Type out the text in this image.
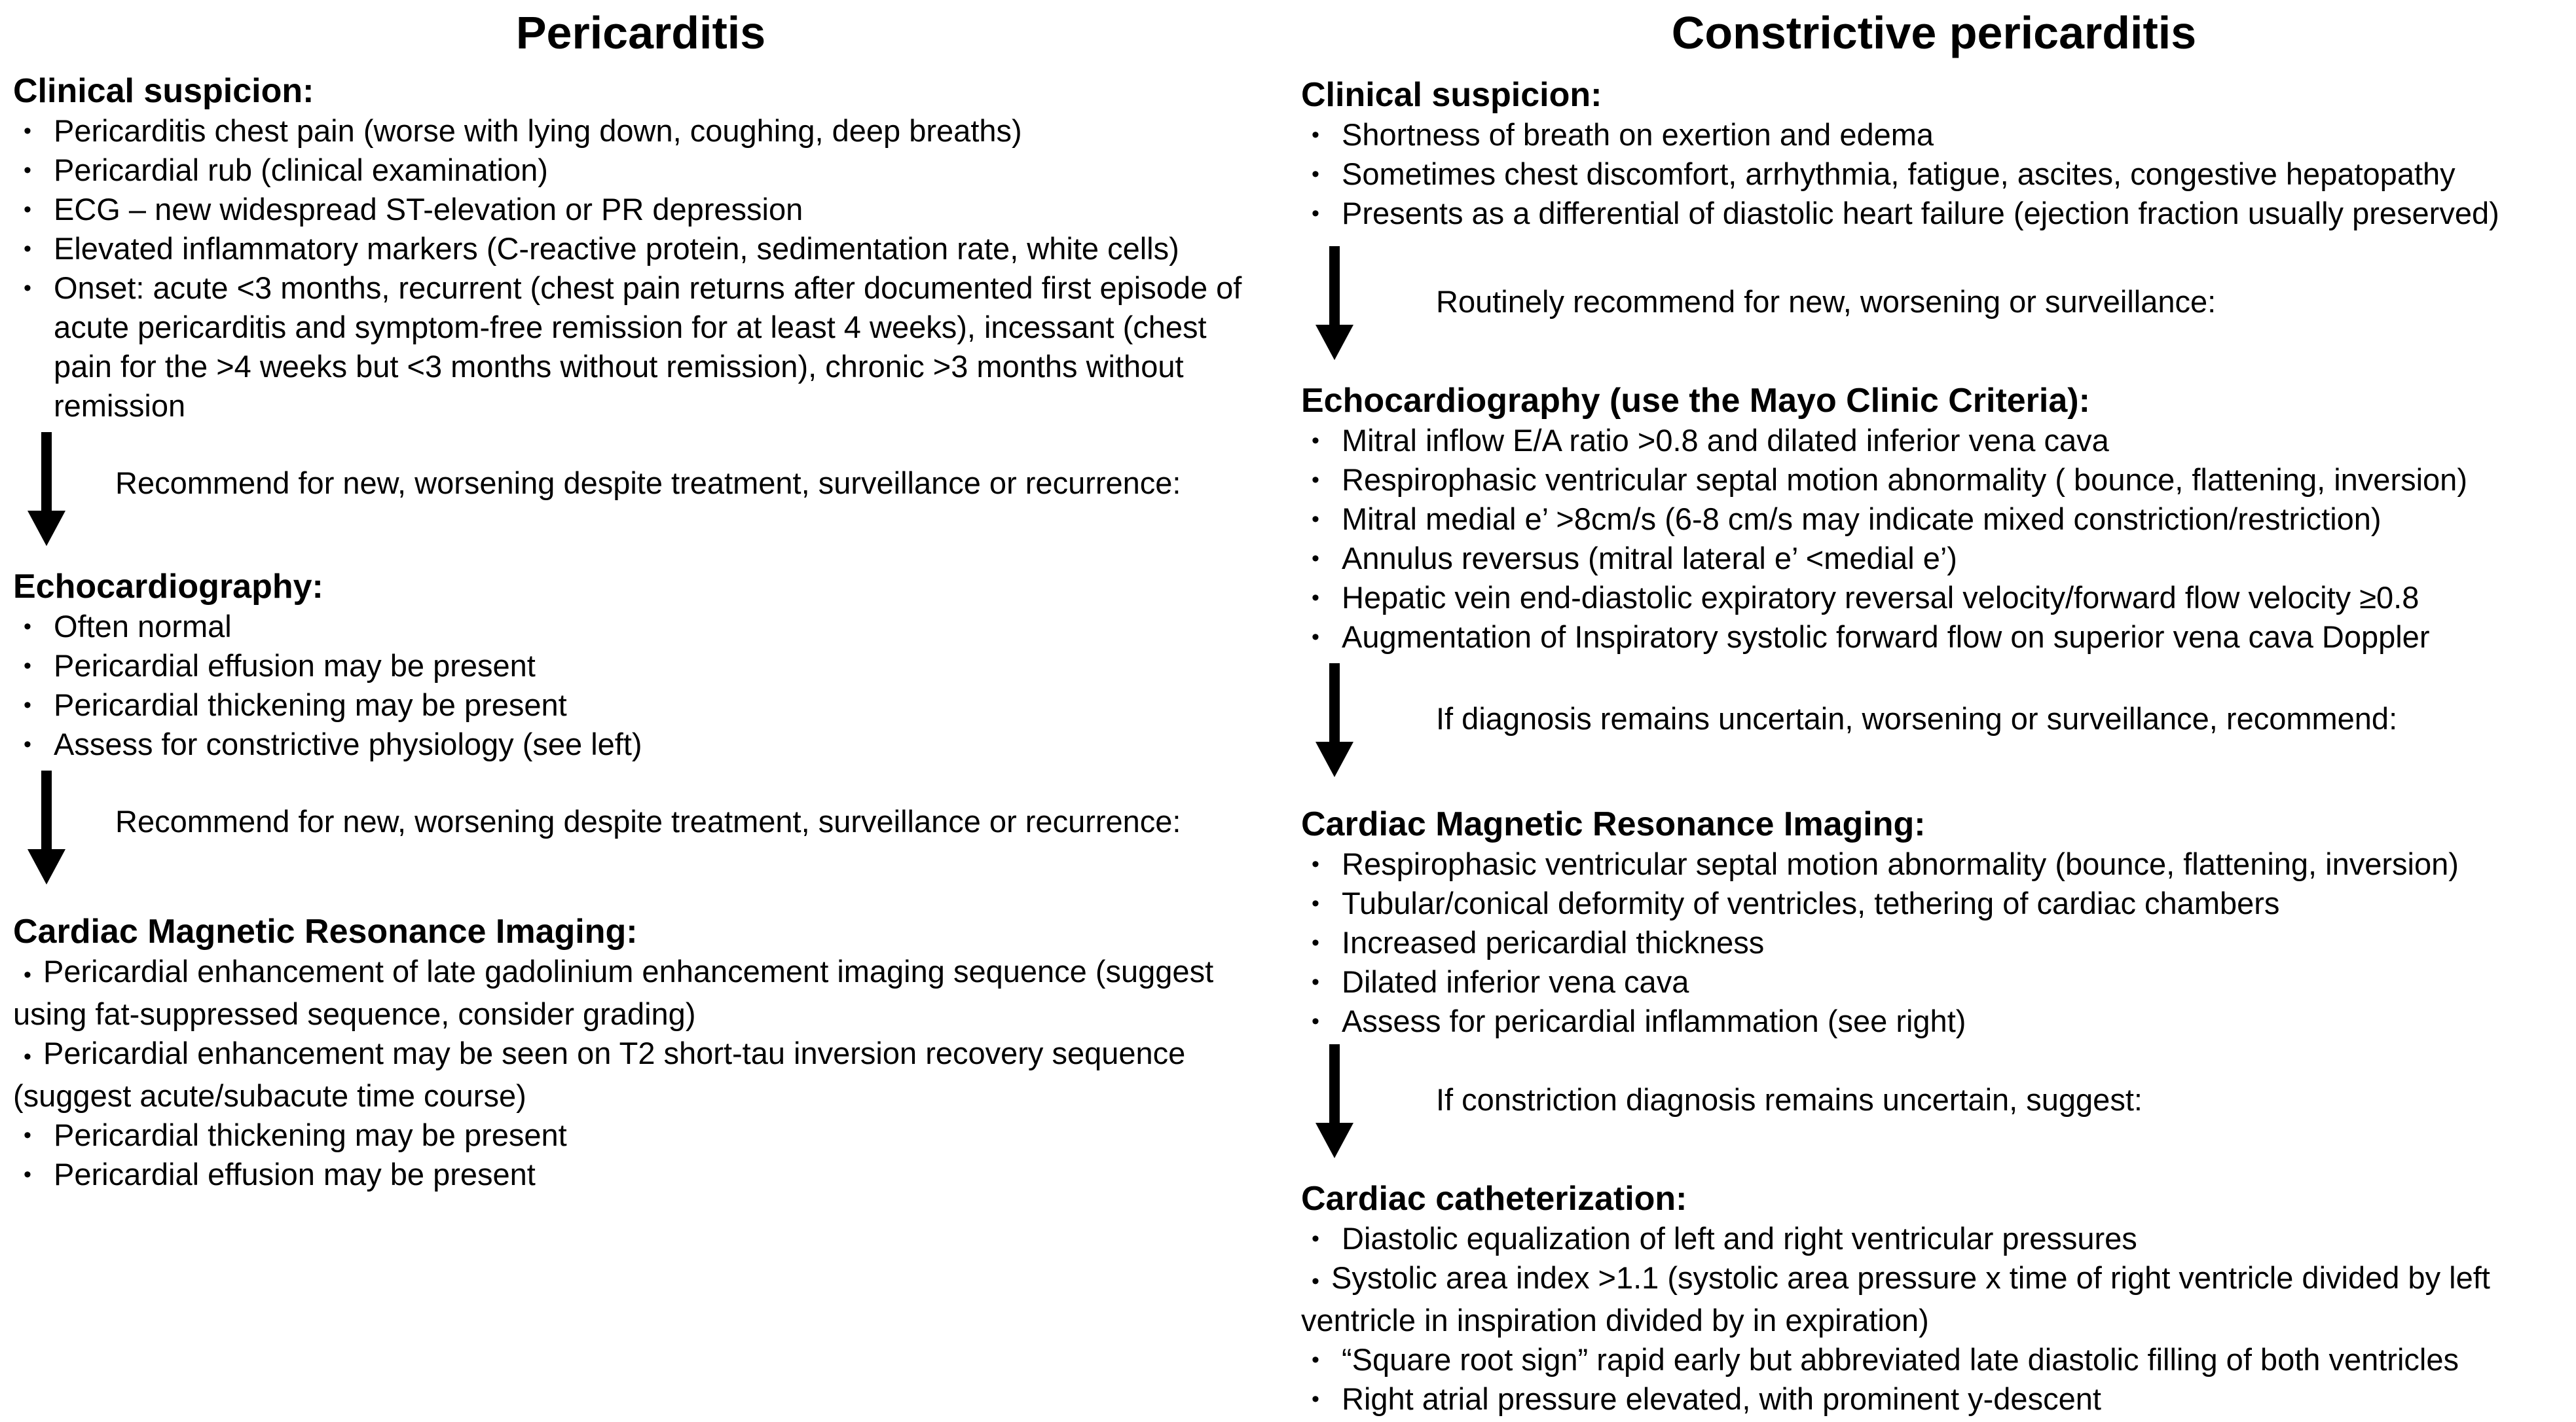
Pericarditis
Clinical suspicion:
• Pericarditis chest pain (worse with lying down, coughing, deep breaths)
• Pericardial rub (clinical examination)
• ECG – new widespread ST-elevation or PR depression
• Elevated inflammatory markers (C-reactive protein, sedimentation rate, white cells)
• Onset: acute <3 months, recurrent (chest pain returns after documented first episode of acute pericarditis and symptom-free remission for at least 4 weeks), incessant (chest pain for the >4 weeks but <3 months without remission), chronic >3 months without remission
Recommend for new, worsening despite treatment, surveillance or recurrence:
Echocardiography:
• Often normal
• Pericardial effusion may be present
• Pericardial thickening may be present
• Assess for constrictive physiology (see left)
Recommend for new, worsening despite treatment, surveillance or recurrence:
Cardiac Magnetic Resonance Imaging:
• Pericardial enhancement of late gadolinium enhancement imaging sequence (suggest using fat-suppressed sequence, consider grading)
• Pericardial enhancement may be seen on T2 short-tau inversion recovery sequence (suggest acute/subacute time course)
• Pericardial thickening may be present
• Pericardial effusion may be present
Constrictive pericarditis
Clinical suspicion:
• Shortness of breath on exertion and edema
• Sometimes chest discomfort, arrhythmia, fatigue, ascites, congestive hepatopathy
• Presents as a differential of diastolic heart failure (ejection fraction usually preserved)
Routinely recommend for new, worsening or surveillance:
Echocardiography (use the Mayo Clinic Criteria):
• Mitral inflow E/A ratio >0.8 and dilated inferior vena cava
• Respirophasic ventricular septal motion abnormality ( bounce, flattening, inversion)
• Mitral medial e’ >8cm/s (6-8 cm/s may indicate mixed constriction/restriction)
• Annulus reversus (mitral lateral e’ <medial e’)
• Hepatic vein end-diastolic expiratory reversal velocity/forward flow velocity ≥0.8
• Augmentation of Inspiratory systolic forward flow on superior vena cava Doppler
If diagnosis remains uncertain, worsening or surveillance, recommend:
Cardiac Magnetic Resonance Imaging:
• Respirophasic ventricular septal motion abnormality (bounce, flattening, inversion)
• Tubular/conical deformity of ventricles, tethering of cardiac chambers
• Increased pericardial thickness
• Dilated inferior vena cava
• Assess for pericardial inflammation (see right)
If constriction diagnosis remains uncertain, suggest:
Cardiac catheterization:
• Diastolic equalization of left and right ventricular pressures
• Systolic area index >1.1 (systolic area pressure x time of right ventricle divided by left ventricle in inspiration divided by in expiration)
• “Square root sign” rapid early but abbreviated late diastolic filling of both ventricles
• Right atrial pressure elevated, with prominent y-descent
